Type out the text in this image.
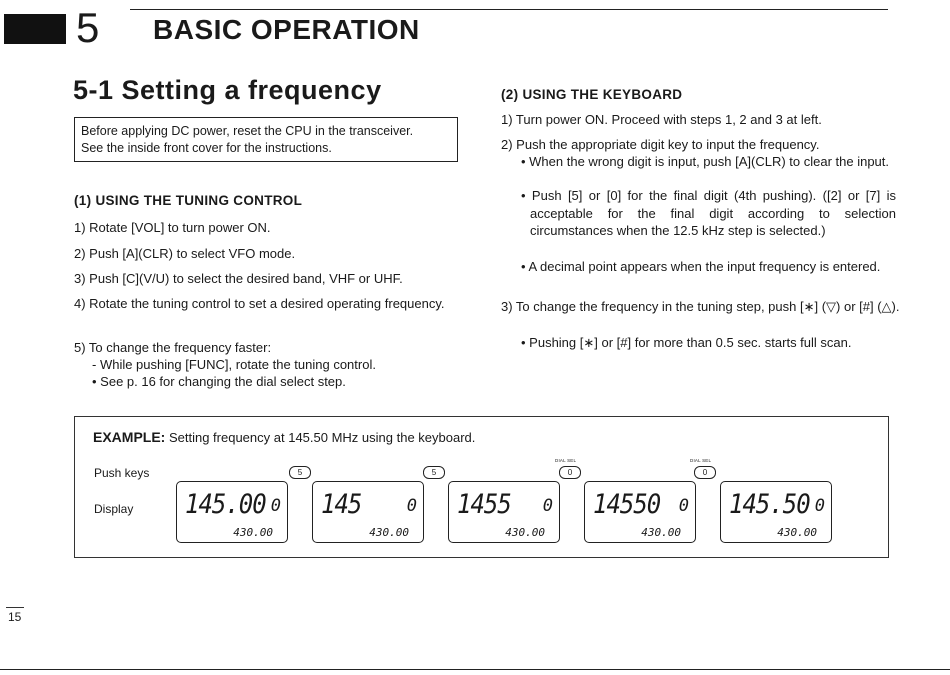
5 BASIC OPERATION
5-1 Setting a frequency
Before applying DC power, reset the CPU in the transceiver.
See the inside front cover for the instructions.
(1) USING THE TUNING CONTROL
1) Rotate [VOL] to turn power ON.
2) Push [A](CLR) to select VFO mode.
3) Push [C](V/U) to select the desired band, VHF or UHF.
4) Rotate the tuning control to set a desired operating frequency.
5) To change the frequency faster:
- While pushing [FUNC], rotate the tuning control.
• See p. 16 for changing the dial select step.
(2) USING THE KEYBOARD
1) Turn power ON. Proceed with steps 1, 2 and 3 at left.
2) Push the appropriate digit key to input the frequency.
• When the wrong digit is input, push [A](CLR) to clear the input.
• Push [5] or [0] for the final digit (4th pushing). ([2] or [7] is acceptable for the final digit according to selection circumstances when the 12.5 kHz step is selected.)
• A decimal point appears when the input frequency is entered.
3) To change the frequency in the tuning step, push [∗] (▽) or [#] (△).
• Pushing [∗] or [#] for more than 0.5 sec. starts full scan.
EXAMPLE: Setting frequency at 145.50 MHz using the keyboard.
Push keys
Display
5	5
DIAL SEL
0
DIAL SEL
0
145.00 0
430.00
145	0
430.00
1455 0
430.00
14550 0
430.00
145.50 0
430.00
15
